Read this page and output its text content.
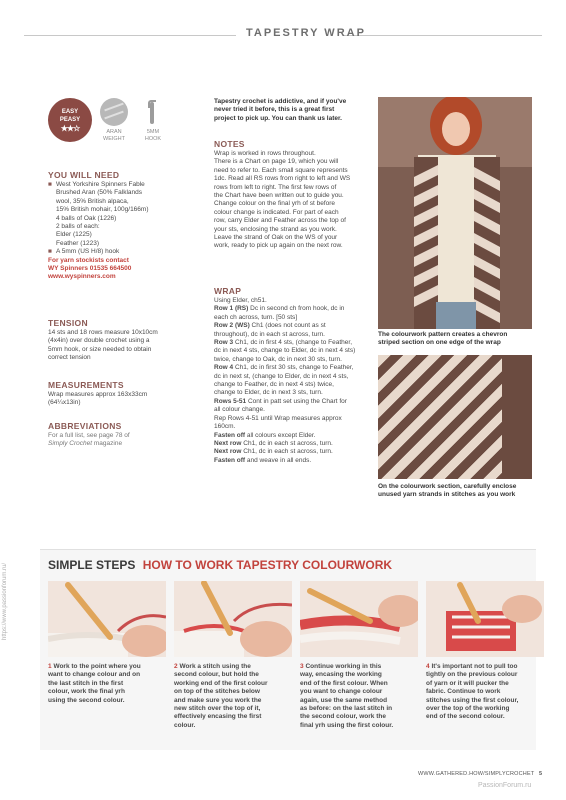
TAPESTRY WRAP
EASY
PEASY
★★☆	ARAN
WEIGHT
5MM
HOOK
YOU WILL NEED
■ West Yorkshire Spinners Fable
Brushed Aran (50% Falklands
wool, 35% British alpaca,
15% British mohair, 100g/166m)
4 balls of Oak (1226)
2 balls of each:
Elder (1225)
Feather (1223)
■ A 5mm (US H/8) hook
For yarn stockists contact
WY Spinners 01535 664500
www.wyspinners.com
TENSION
14 sts and 18 rows measure 10x10cm
(4x4in) over double crochet using a
5mm hook, or size needed to obtain
correct tension
MEASUREMENTS
Wrap measures approx 163x33cm
(64¼x13in)
ABBREVIATIONS
For a full list, see page 78 of
Simply Crochet magazine
Tapestry crochet is addictive, and if you've
never tried it before, this is a great first
project to pick up. You can thank us later.
NOTES
Wrap is worked in rows throughout.
There is a Chart on page 19, which you will
need to refer to. Each small square represents
1dc. Read all RS rows from right to left and WS
rows from left to right. The first few rows of
the Chart have been written out to guide you.
Change colour on the final yrh of st before
colour change is indicated. For part of each
row, carry Elder and Feather across the top of
your sts, enclosing the strand as you work.
Leave the strand of Oak on the WS of your
work, ready to pick up again on the next row.
WRAP
Using Elder, ch51.
Row 1 (RS) Dc in second ch from hook, dc in
each ch across, turn. [50 sts]
Row 2 (WS) Ch1 (does not count as st
throughout), dc in each st across, turn.
Row 3 Ch1, dc in first 4 sts, (change to Feather,
dc in next 4 sts, change to Elder, dc in next 4 sts)
twice, change to Oak, dc in next 30 sts, turn.
Row 4 Ch1, dc in first 30 sts, change to Feather,
dc in next st, (change to Elder, dc in next 4 sts,
change to Feather, dc in next 4 sts) twice,
change to Elder, dc in next 3 sts, turn.
Rows 5-51 Cont in patt set using the Chart for
all colour change.
Rep Rows 4-51 until Wrap measures approx
160cm.
Fasten off all colours except Elder.
Next row Ch1, dc in each st across, turn.
Next row Ch1, dc in each st across, turn.
Fasten off and weave in all ends.
The colourwork pattern creates a chevron
striped section on one edge of the wrap
On the colourwork section, carefully enclose
unused yarn strands in stitches as you work
SIMPLE STEPS HOW TO WORK TAPESTRY COLOURWORK
1 Work to the point where you
want to change colour and on
the last stitch in the first
colour, work the final yrh
using the second colour.
2 Work a stitch using the
second colour, but hold the
working end of the first colour
on top of the stitches below
and make sure you work the
new stitch over the top of it,
effectively encasing the first
colour.
3 Continue working in this
way, encasing the working
end of the first colour. When
you want to change colour
again, use the same method
as before: on the last stitch in
the second colour, work the
final yrh using the first colour.
4 It's important not to pull too
tightly on the previous colour
of yarn or it will pucker the
fabric. Continue to work
stitches using the first colour,
over the top of the working
end of the second colour.
WWW.GATHERED.HOW/SIMPLYCROCHET 5
https://www.passionforum.ru/
PassionForum.ru
